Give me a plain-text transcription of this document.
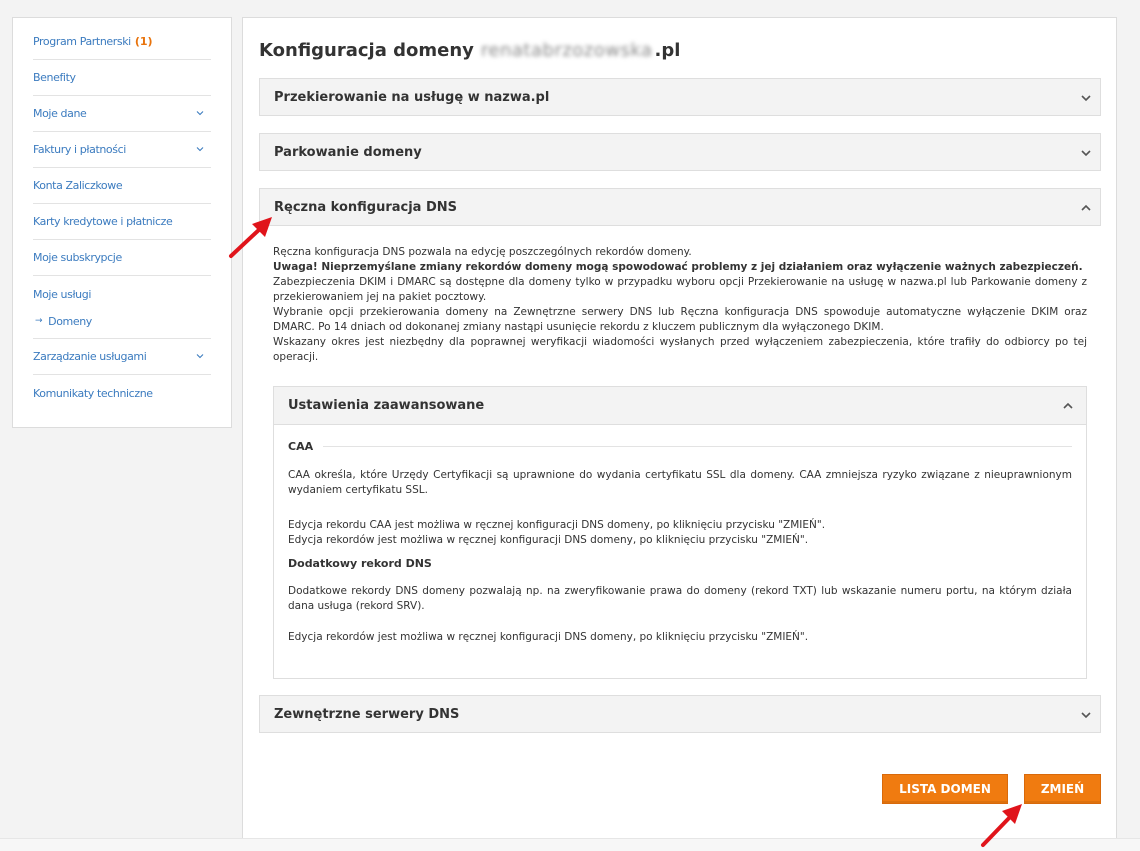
Program Partnerski (1)
Benefity
Moje dane
Faktury i płatności
Konta Zaliczkowe
Karty kredytowe i płatnicze
Moje subskrypcje
Moje usługi
→ Domeny
Zarządzanie usługami
Komunikaty techniczne
Konfiguracja domeny renatabrzozowska .pl
Przekierowanie na usługę w nazwa.pl
Parkowanie domeny
Ręczna konfiguracja DNS

Ręczna konfiguracja DNS pozwala na edycję poszczególnych rekordów domeny.

Uwaga! Nieprzemyślane zmiany rekordów domeny mogą spowodować problemy z jej działaniem oraz wyłączenie ważnych zabezpieczeń.

Zabezpieczenia DKIM i DMARC są dostępne dla domeny tylko w przypadku wyboru opcji Przekierowanie na usługę w nazwa.pl lub Parkowanie domeny z przekierowaniem jej na pakiet pocztowy.

Wybranie opcji przekierowania domeny na Zewnętrzne serwery DNS lub Ręczna konfiguracja DNS spowoduje automatyczne wyłączenie DKIM oraz DMARC. Po 14 dniach od dokonanej zmiany nastąpi usunięcie rekordu z kluczem publicznym dla wyłączonego DKIM.

Wskazany okres jest niezbędny dla poprawnej weryfikacji wiadomości wysłanych przed wyłączeniem zabezpieczenia, które trafiły do odbiorcy po tej operacji.

Ustawienia zaawansowane
CAA

CAA określa, które Urzędy Certyfikacji są uprawnione do wydania certyfikatu SSL dla domeny. CAA zmniejsza ryzyko związane z nieuprawnionym wydaniem certyfikatu SSL.

Edycja rekordu CAA jest możliwa w ręcznej konfiguracji DNS domeny, po kliknięciu przycisku "ZMIEŃ".

Edycja rekordów jest możliwa w ręcznej konfiguracji DNS domeny, po kliknięciu przycisku "ZMIEŃ".

Dodatkowy rekord DNS

Dodatkowe rekordy DNS domeny pozwalają np. na zweryfikowanie prawa do domeny (rekord TXT) lub wskazanie numeru portu, na którym działa dana usługa (rekord SRV).

Edycja rekordów jest możliwa w ręcznej konfiguracji DNS domeny, po kliknięciu przycisku "ZMIEŃ".

Zewnętrzne serwery DNS
LISTA DOMEN	ZMIEŃ
